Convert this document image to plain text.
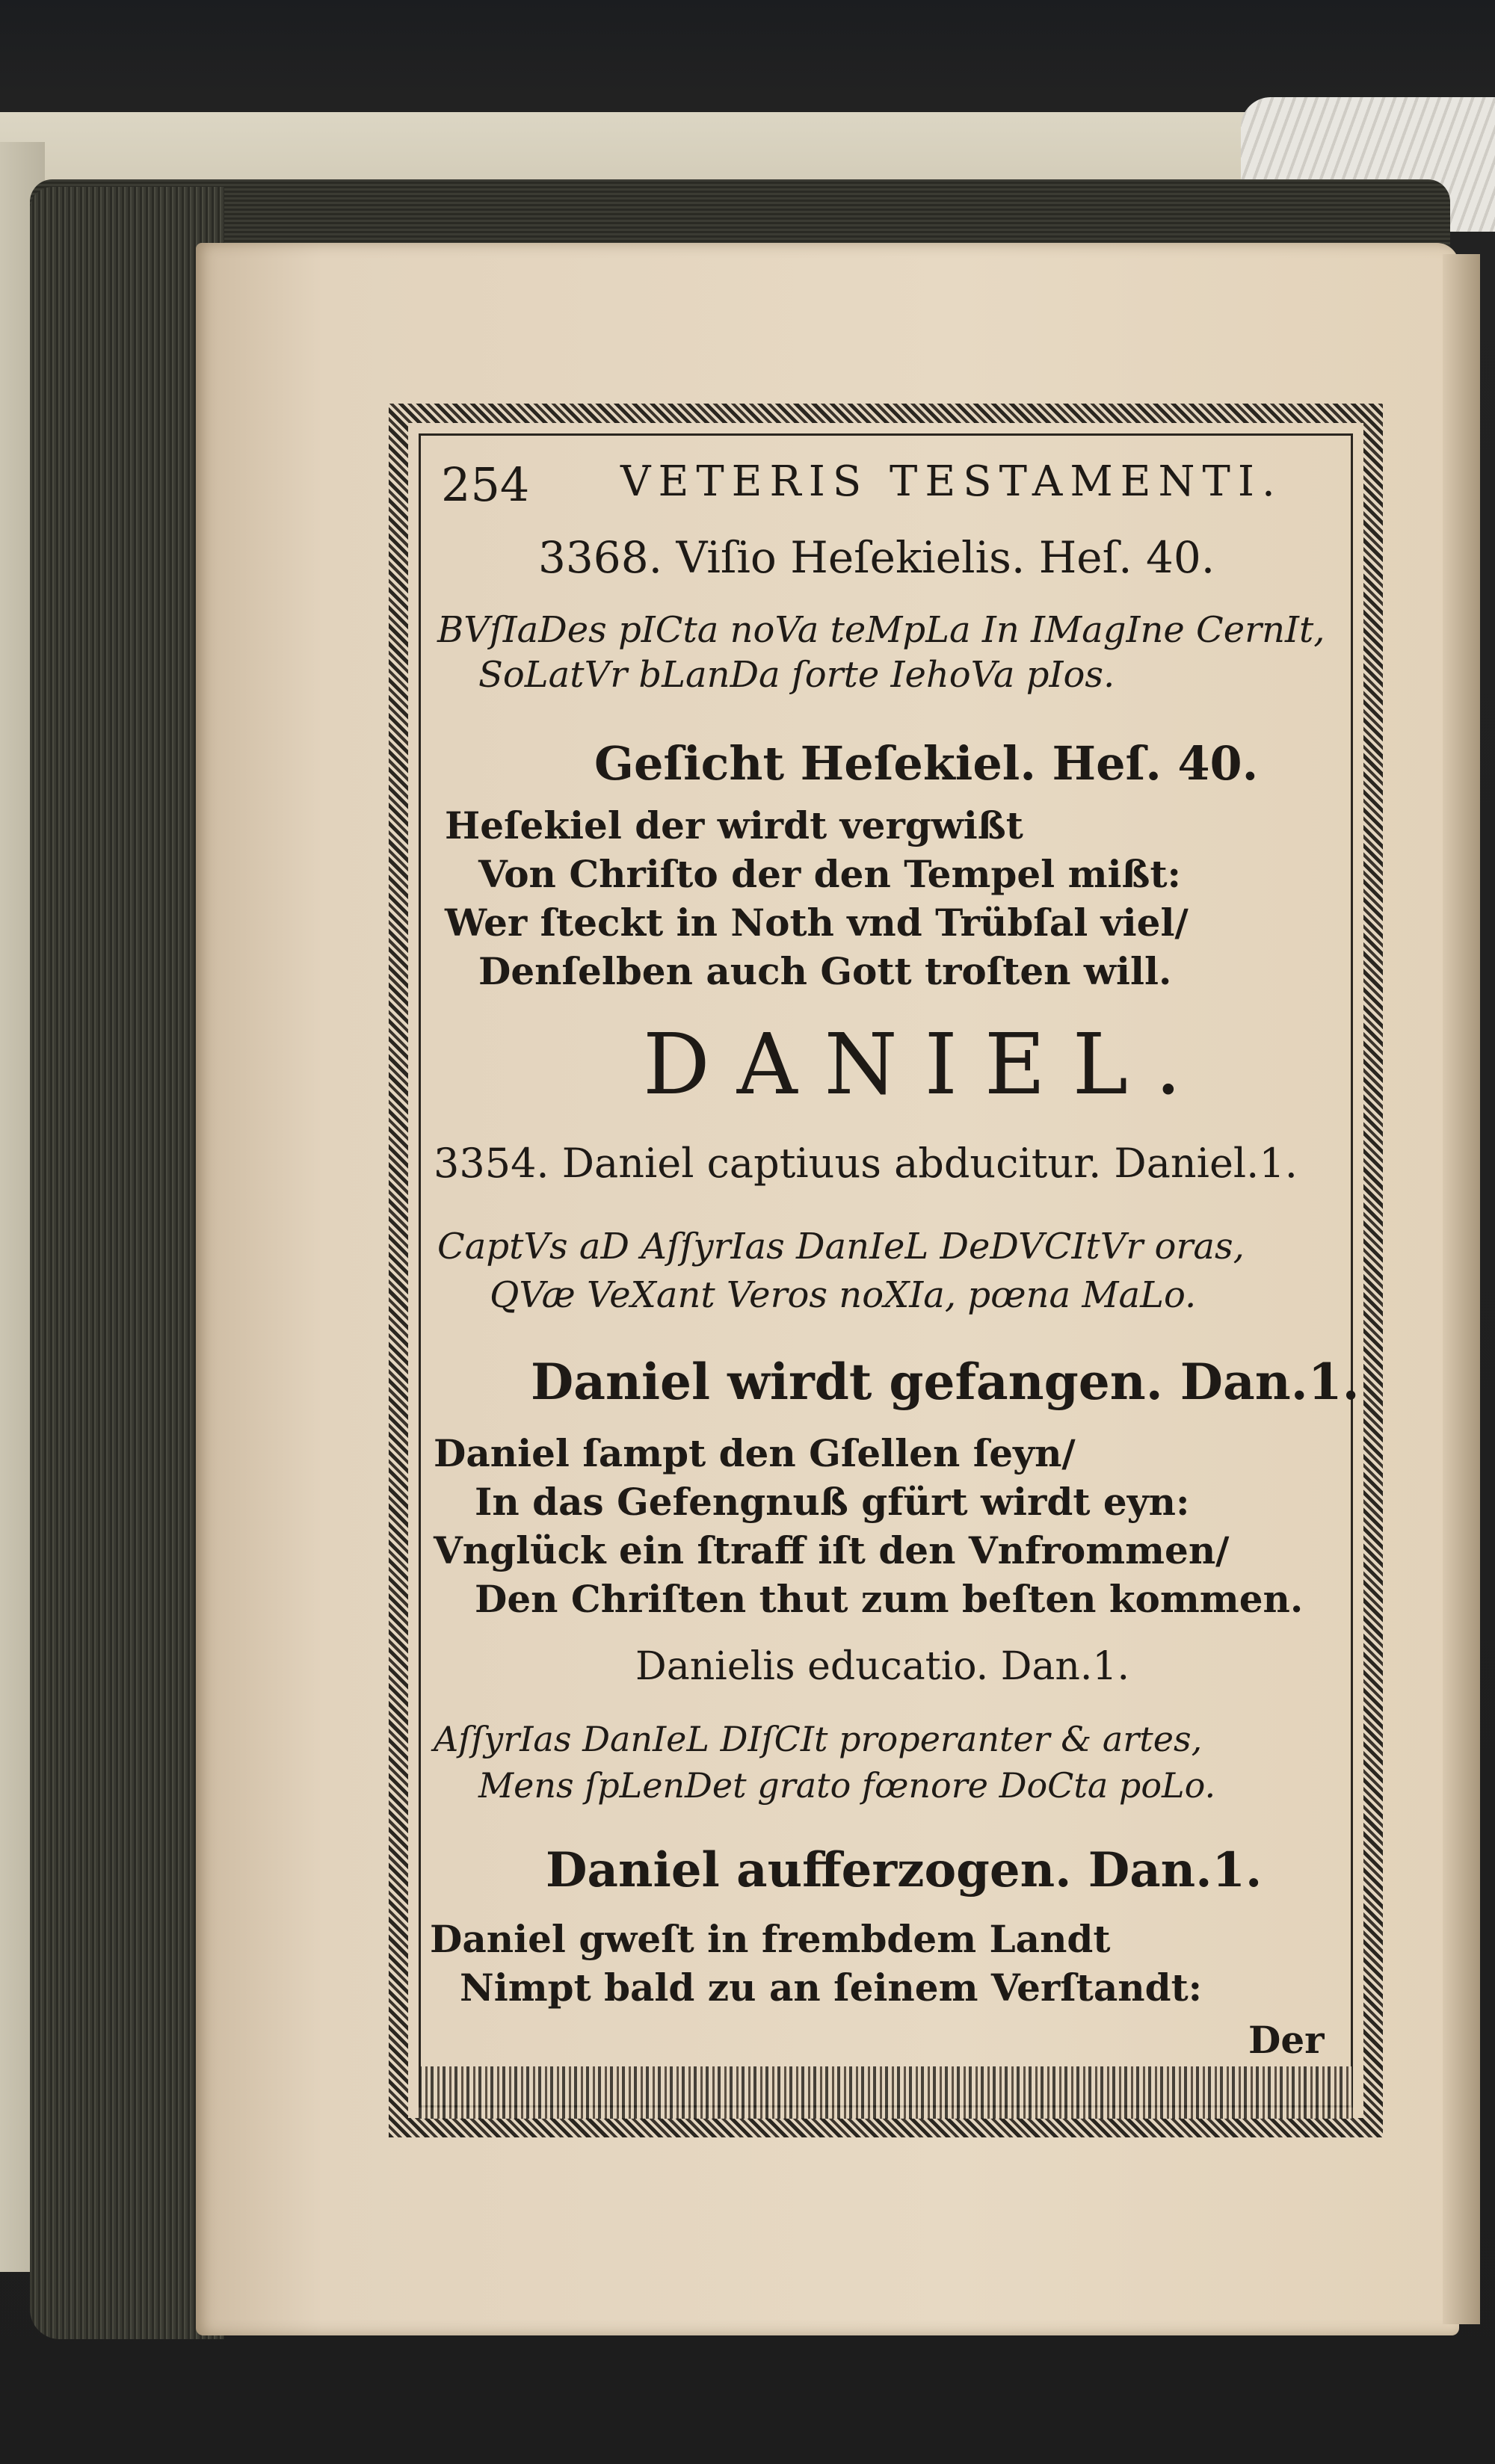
254 VETERIS TESTAMENTI.

3368. Viſio Heſekielis. Heſ. 40.

BVſIaDes pICta noVa teMpLa In IMagIne CernIt,

SoLatVr bLanDa ſorte IehoVa pIos.

Geſicht Heſekiel. Heſ. 40.

Heſekiel der wirdt vergwißt

Von Chriſto der den Tempel mißt:

Wer ſteckt in Noth vnd Trübſal viel/

Denſelben auch Gott troſten will.

DANIEL.

3354. Daniel captiuus abducitur. Daniel.1.

CaptVs aD AſſyrIas DanIeL DeDVCItVr oras,

QVæ VeXant Veros noXIa, pœna MaLo.

Daniel wirdt gefangen. Dan.1.

Daniel ſampt den Gſellen ſeyn/

In das Gefengnuß gfürt wirdt eyn:

Vnglück ein ſtraff iſt den Vnfrommen/

Den Chriſten thut zum beſten kommen.

Danielis educatio. Dan.1.

AſſyrIas DanIeL DIſCIt properanter & artes,

Mens ſpLenDet grato fœnore DoCta poLo.

Daniel aufferzogen. Dan.1.

Daniel gweſt in frembdem Landt

Nimpt bald zu an ſeinem Verſtandt:

Der
